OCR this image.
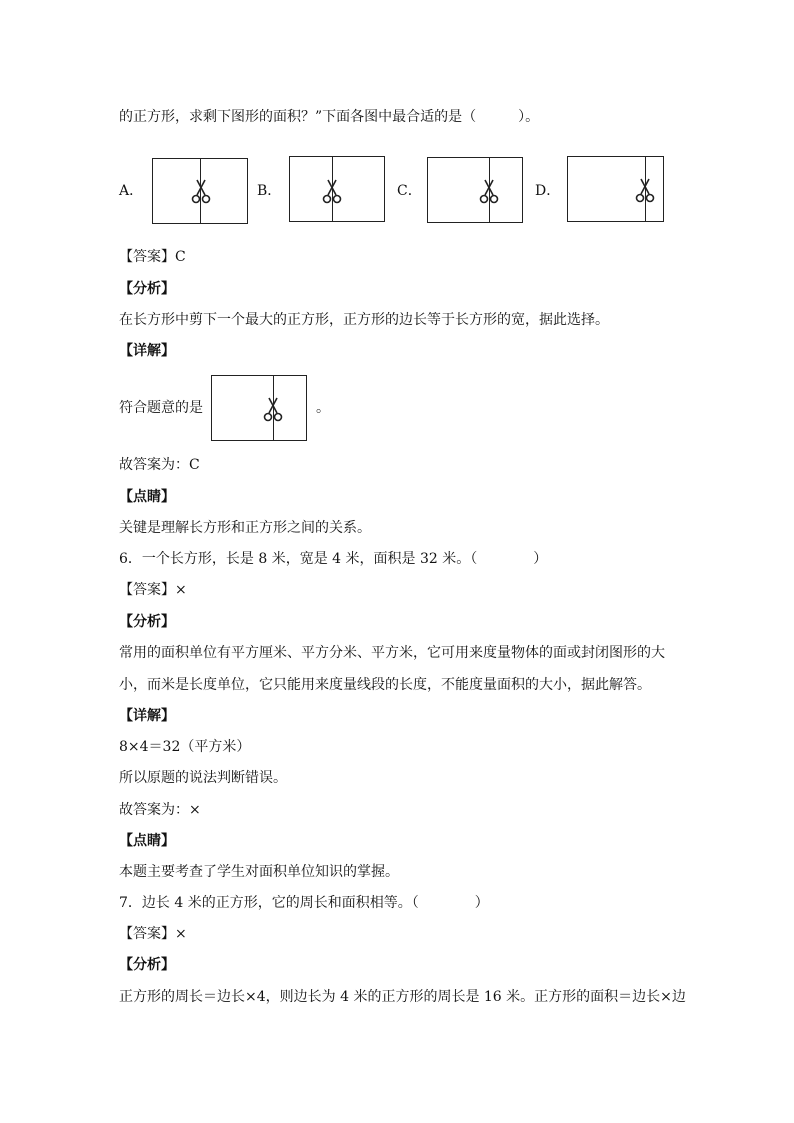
的正方形，求剩下图形的面积？”下面各图中最合适的是（　　　）。
A．	B．	C．	D．
【答案】C
【分析】
在长方形中剪下一个最大的正方形，正方形的边长等于长方形的宽，据此选择。
【详解】
符合题意的是	。
故答案为：C
【点睛】
关键是理解长方形和正方形之间的关系。
6．一个长方形，长是 8 米，宽是 4 米，面积是 32 米。（　　　　）
【答案】×
【分析】
常用的面积单位有平方厘米、平方分米、平方米，它可用来度量物体的面或封闭图形的大
小，而米是长度单位，它只能用来度量线段的长度，不能度量面积的大小，据此解答。
【详解】
8×4＝32（平方米）
所以原题的说法判断错误。
故答案为：×
【点睛】
本题主要考查了学生对面积单位知识的掌握。
7．边长 4 米的正方形，它的周长和面积相等。（　　　　）
【答案】×
【分析】
正方形的周长＝边长×4，则边长为 4 米的正方形的周长是 16 米。正方形的面积＝边长×边
